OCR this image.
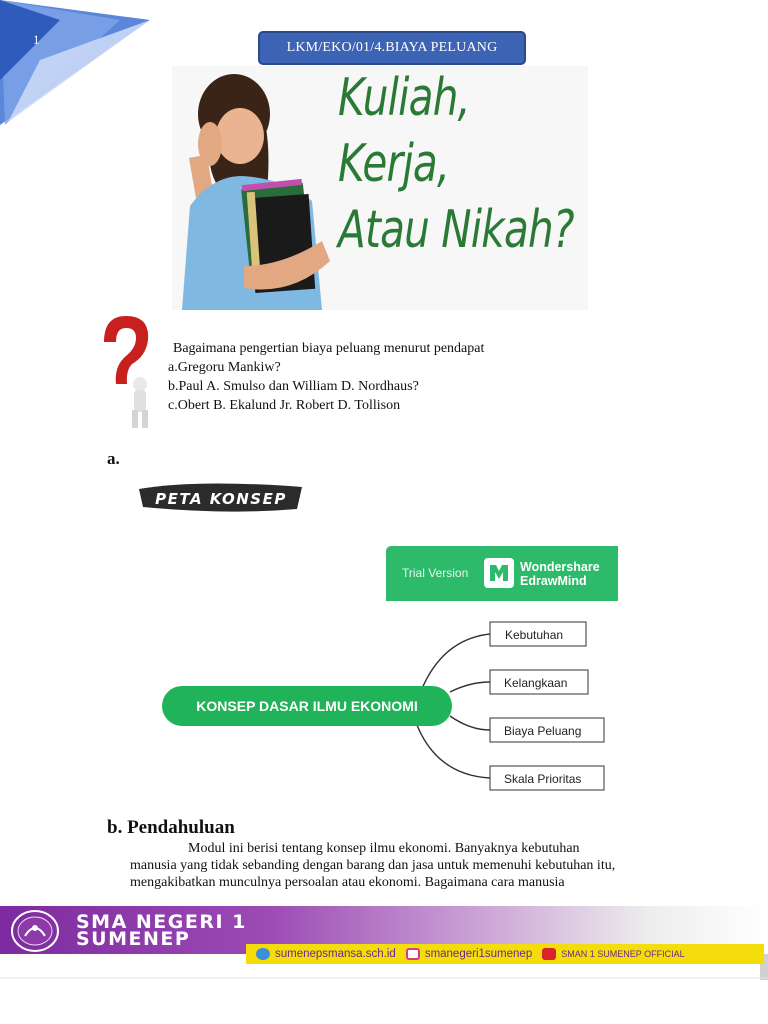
1
LKM/EKO/01/4.BIAYA PELUANG
Kuliah,
Kerja,
Atau Nikah?
Bagaimana pengertian biaya peluang menurut pendapat
a.Gregoru Mankiw?
b.Paul A. Smulso dan William D. Nordhaus?
c.Obert B. Ekalund Jr. Robert D. Tollison
a.
PETA KONSEP
Trial Version	Wondershare
EdrawMind
KONSEP DASAR ILMU EKONOMI
Kebutuhan
Kelangkaan
Biaya Peluang
Skala Prioritas
b. Pendahuluan
Modul ini berisi tentang konsep ilmu ekonomi. Banyaknya kebutuhan
manusia yang tidak sebanding dengan barang dan jasa untuk memenuhi kebutuhan itu,
mengakibatkan munculnya persoalan atau ekonomi. Bagaimana cara manusia
SMA NEGERI 1
SUMENEP
sumenepsmansa.sch.id	smanegeri1sumenep	SMAN 1 SUMENEP OFFICIAL
